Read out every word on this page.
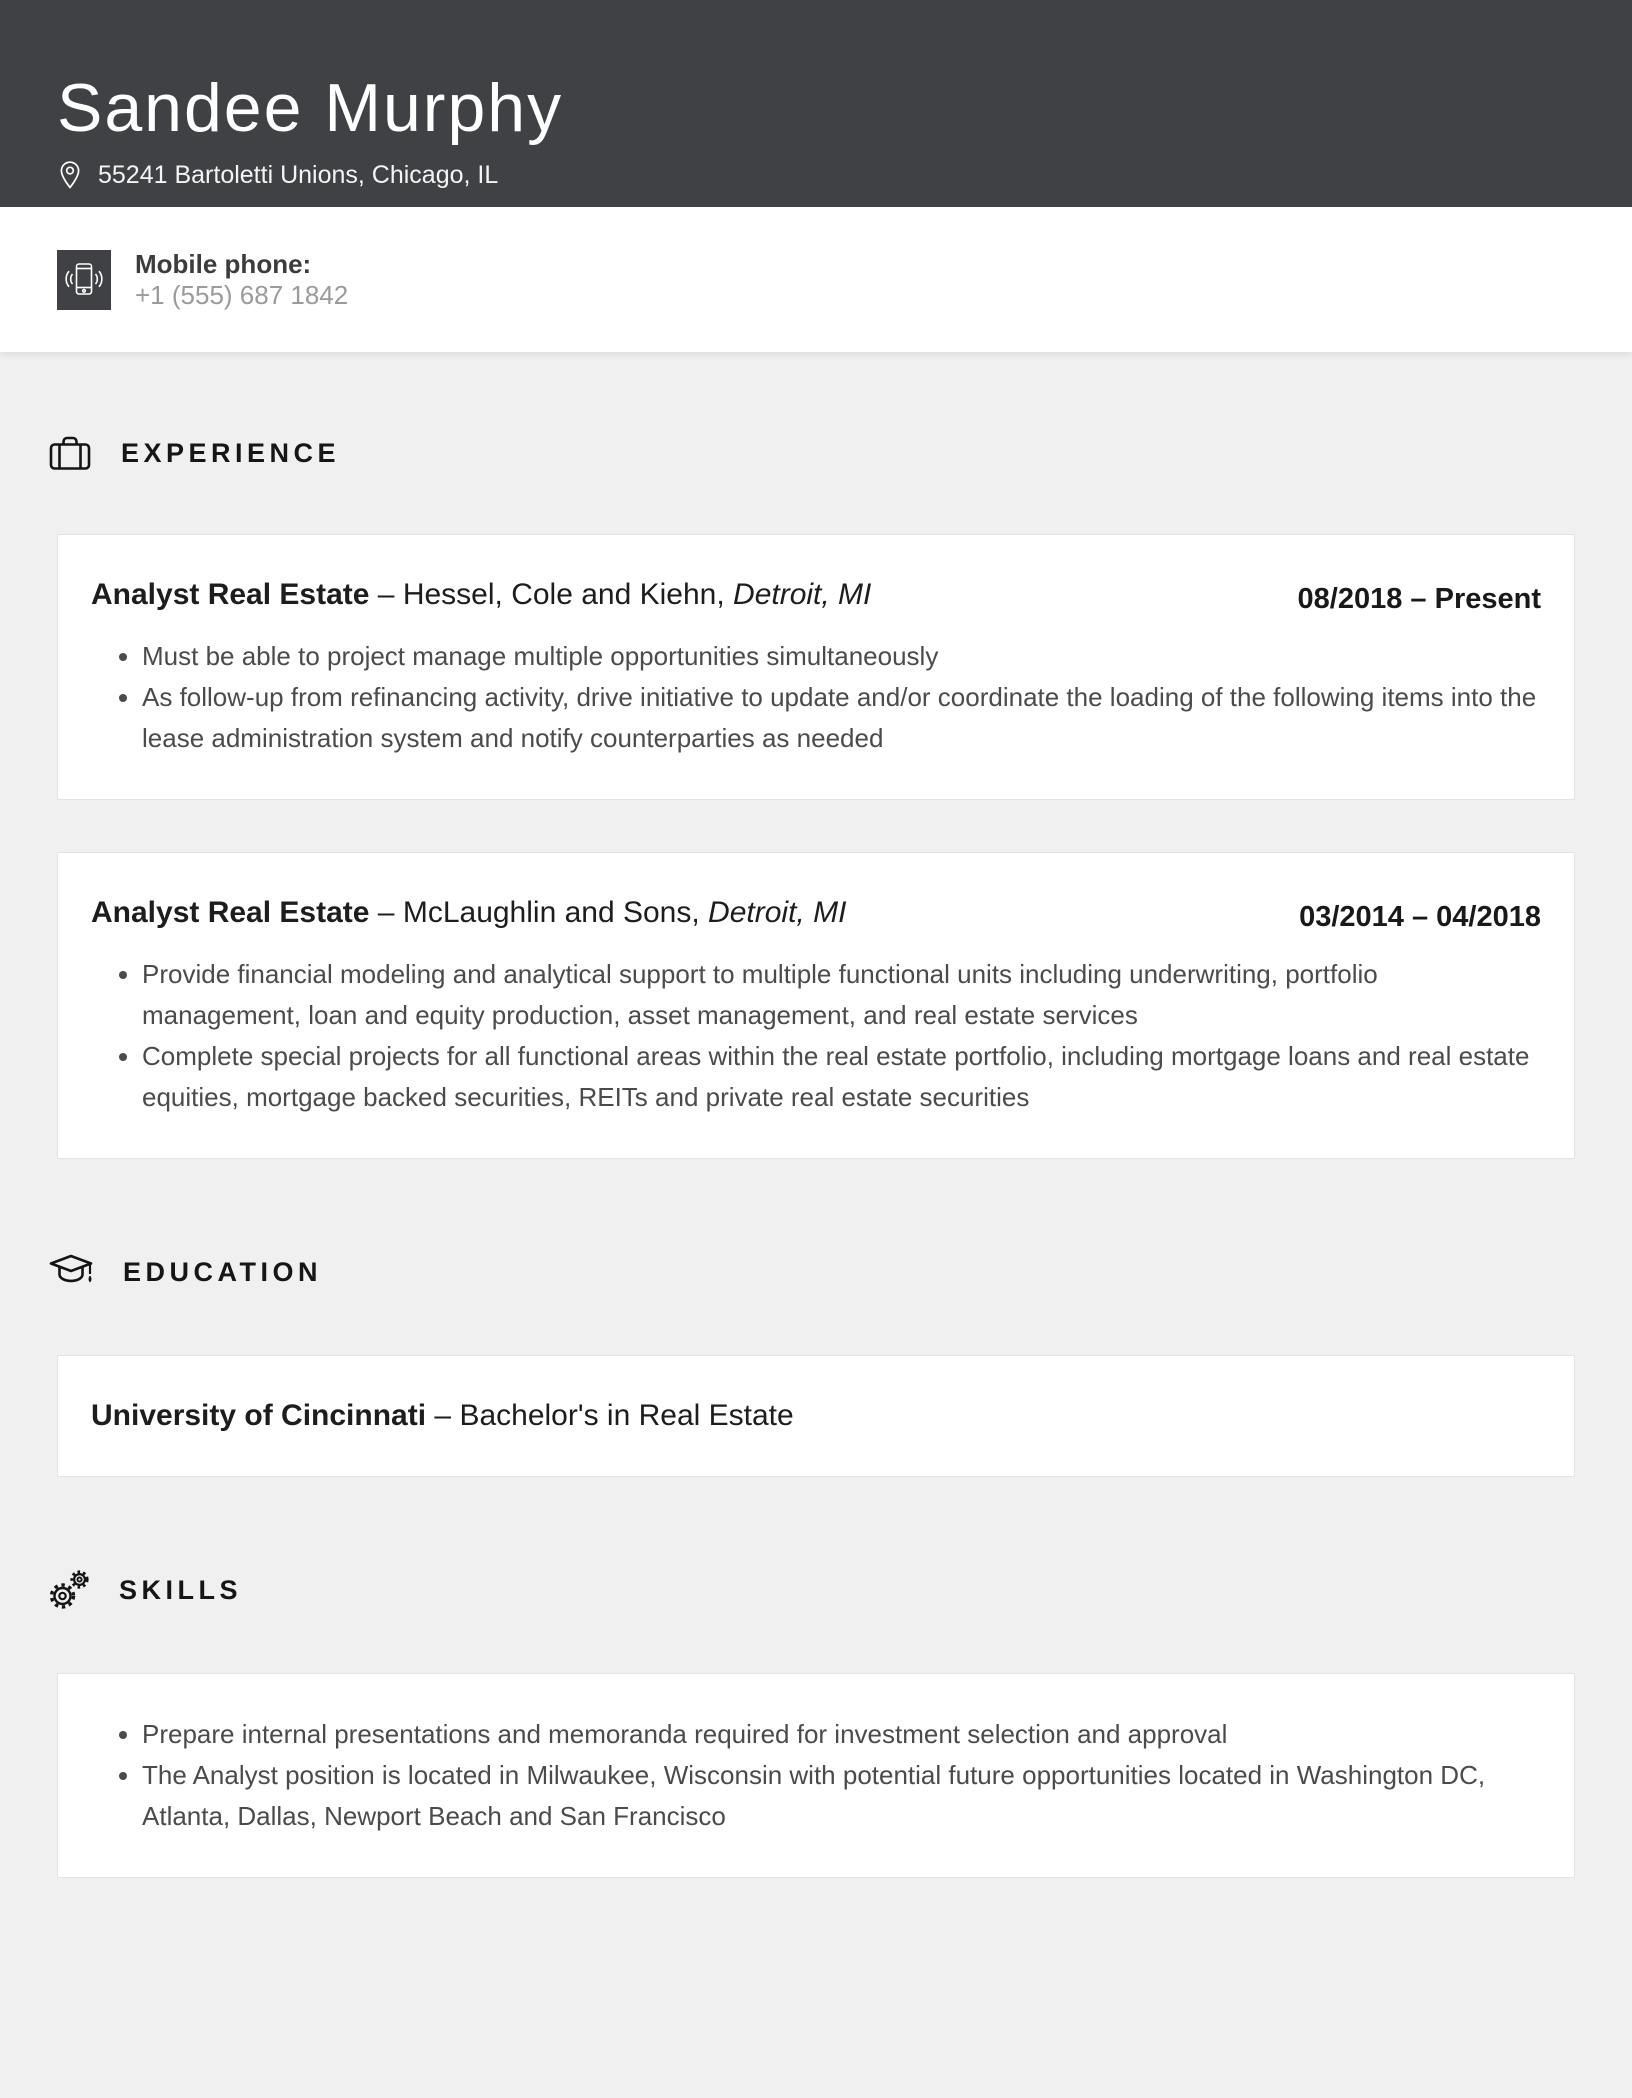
Sandee Murphy
55241 Bartoletti Unions, Chicago, IL
Mobile phone:
+1 (555) 687 1842
EXPERIENCE
Analyst Real Estate – Hessel, Cole and Kiehn, Detroit, MI	08/2018 – Present
• Must be able to project manage multiple opportunities simultaneously
• As follow-up from refinancing activity, drive initiative to update and/or coordinate the loading of the following items into the lease administration system and notify counterparties as needed
Analyst Real Estate – McLaughlin and Sons, Detroit, MI	03/2014 – 04/2018
• Provide financial modeling and analytical support to multiple functional units including underwriting, portfolio management, loan and equity production, asset management, and real estate services
• Complete special projects for all functional areas within the real estate portfolio, including mortgage loans and real estate equities, mortgage backed securities, REITs and private real estate securities
EDUCATION
University of Cincinnati – Bachelor's in Real Estate
SKILLS
• Prepare internal presentations and memoranda required for investment selection and approval
• The Analyst position is located in Milwaukee, Wisconsin with potential future opportunities located in Washington DC, Atlanta, Dallas, Newport Beach and San Francisco
